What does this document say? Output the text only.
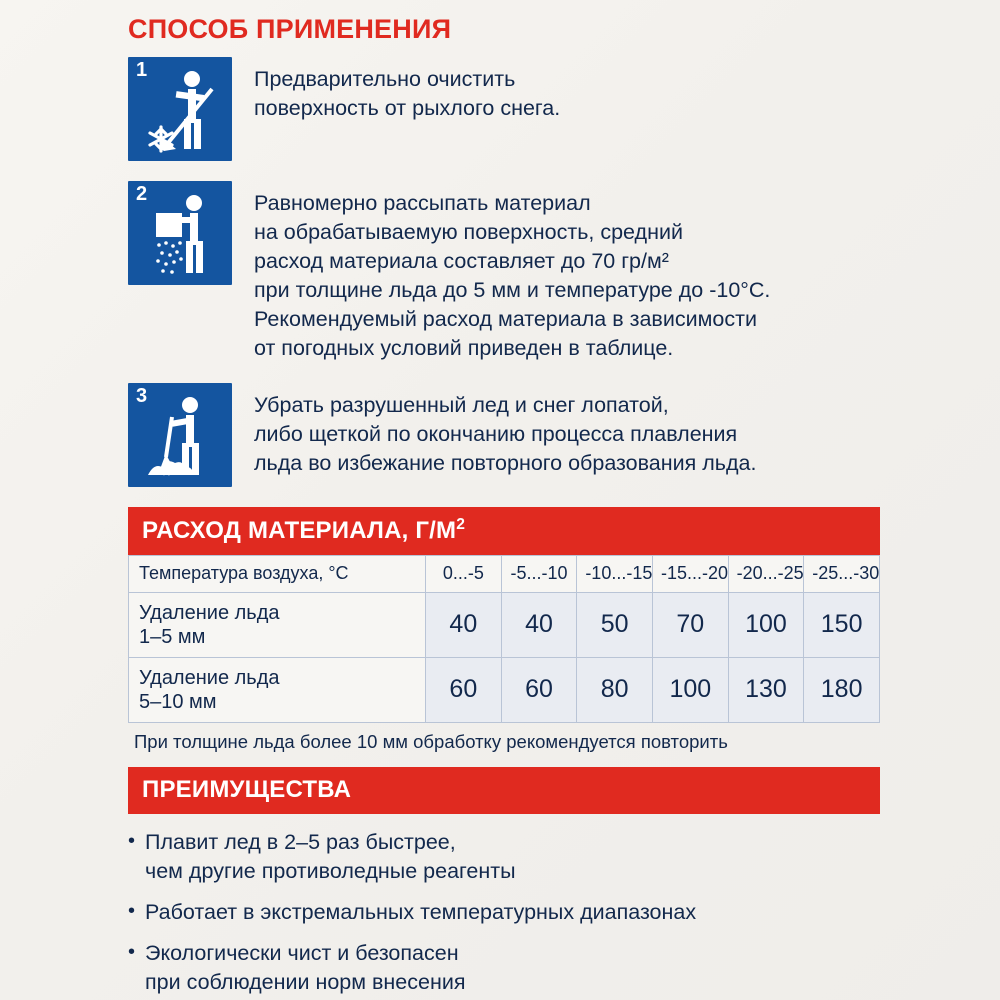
СПОСОБ ПРИМЕНЕНИЯ
1	Предварительно очистить
поверхность от рыхлого снега.
2	Равномерно рассыпать материал
на обрабатываемую поверхность, средний
расход материала составляет до 70 гр/м²
при толщине льда до 5 мм и температуре до -10°С.
Рекомендуемый расход материала в зависимости
от погодных условий приведен в таблице.
3	Убрать разрушенный лед и снег лопатой,
либо щеткой по окончанию процесса плавления
льда во избежание повторного образования льда.
РАСХОД МАТЕРИАЛА, $Г/М^2$
Температура воздуха, °С	0...-5	-5...-10	-10...-15	-15...-20	-20...-25	-25...-30

Удаление льда
1–5 мм	40	40	50	70	100	150

Удаление льда
5–10 мм	60	60	80	100	130	180
При толщине льда более 10 мм обработку рекомендуется повторить
ПРЕИМУЩЕСТВА
• Плавит лед в 2–5 раз быстрее,
чем другие противоледные реагенты
• Работает в экстремальных температурных диапазонах
• Экологически чист и безопасен
при соблюдении норм внесения
